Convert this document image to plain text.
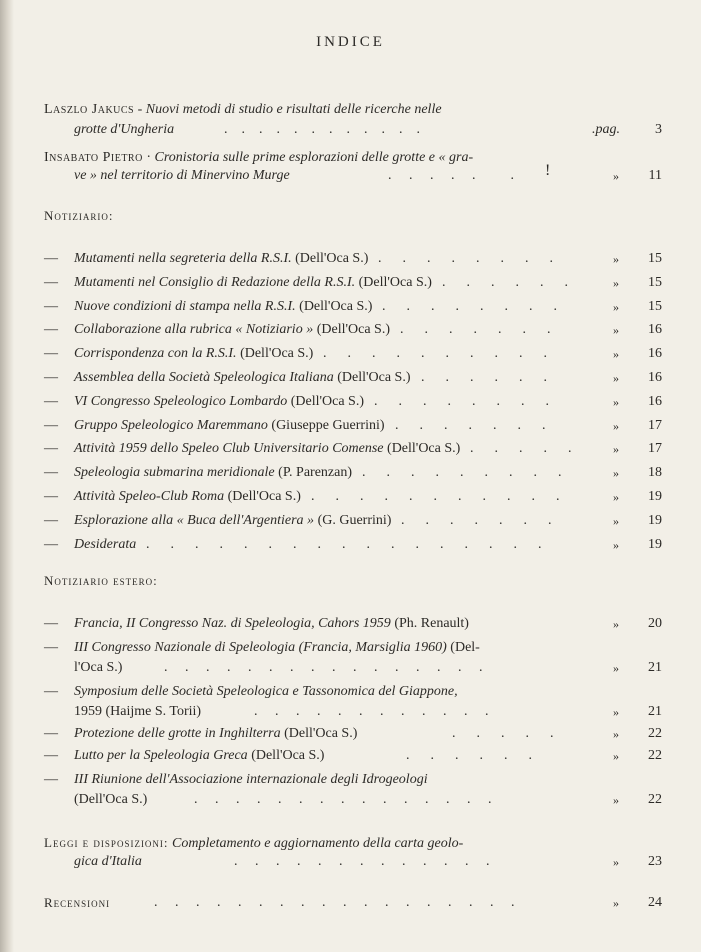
INDICE
Laszlo Jakucs - Nuovi metodi di studio e risultati delle ricerche nelle
grotte d'Ungheria	.    .    .    .    .    .    .    .    .    .    .    .	.pag.	3
Insabato Pietro · Cronistoria sulle prime esplorazioni delle grotte e « gra-
ve » nel territorio di Minervino Murge	.     .     .     .     .          .	»	11
!
Notiziario:
— Mutamenti nella segreteria della R.S.I. (Dell'Oca S.) .      .      .      .      .      .      .      .	»	15
— Mutamenti nel Consiglio di Redazione della R.S.I. (Dell'Oca S.) .      .      .      .      .      .	»	15
— Nuove condizioni di stampa nella R.S.I. (Dell'Oca S.) .      .      .      .      .      .      .      .	»	15
— Collaborazione alla rubrica « Notiziario » (Dell'Oca S.) .      .      .      .      .      .      .	»	16
— Corrispondenza con la R.S.I. (Dell'Oca S.) .      .      .      .      .      .      .      .      .      .	»	16
— Assemblea della Società Speleologica Italiana (Dell'Oca S.) .      .      .      .      .      .	»	16
— VI Congresso Speleologico Lombardo (Dell'Oca S.) .      .      .      .      .      .      .      .	»	16
— Gruppo Speleologico Maremmano (Giuseppe Guerrini) .      .      .      .      .      .      .	»	17
— Attività 1959 dello Speleo Club Universitario Comense (Dell'Oca S.) .      .      .      .      .	»	17
— Speleologia submarina meridionale (P. Parenzan) .      .      .      .      .      .      .      .      .	»	18
— Attività Speleo-Club Roma (Dell'Oca S.) .      .      .      .      .      .      .      .      .      .      .	»	19
— Esplorazione alla « Buca dell'Argentiera » (G. Guerrini) .      .      .      .      .      .      .	»	19
— Desiderata .      .      .      .      .      .      .      .      .      .      .      .      .      .      .      .      .	»	19
Notiziario estero:
— Francia, II Congresso Naz. di Speleologia, Cahors 1959 (Ph. Renault)	»	20
— III Congresso Nazionale di Speleologia (Francia, Marsiglia 1960) (Del-
l'Oca S.)	.     .     .     .     .     .     .     .     .     .     .     .     .     .     .     .	»	21
— Symposium delle Società Speleologica e Tassonomica del Giappone,
1959 (Haijme S. Torii)	.     .     .     .     .     .     .     .     .     .     .     .	»	21
— Protezione delle grotte in Inghilterra (Dell'Oca S.)	.      .      .      .      .	»	22
— Lutto per la Speleologia Greca (Dell'Oca S.)	.      .      .      .      .      .	»	22
— III Riunione dell'Associazione internazionale degli Idrogeologi
(Dell'Oca S.)	.     .     .     .     .     .     .     .     .     .     .     .     .     .     .	»	22
Leggi e disposizioni: Completamento e aggiornamento della carta geolo-
gica d'Italia	.     .     .     .     .     .     .     .     .     .     .     .     .	»	23
Recensioni	.     .     .     .     .     .     .     .     .     .     .     .     .     .     .     .     .     .	»	24
